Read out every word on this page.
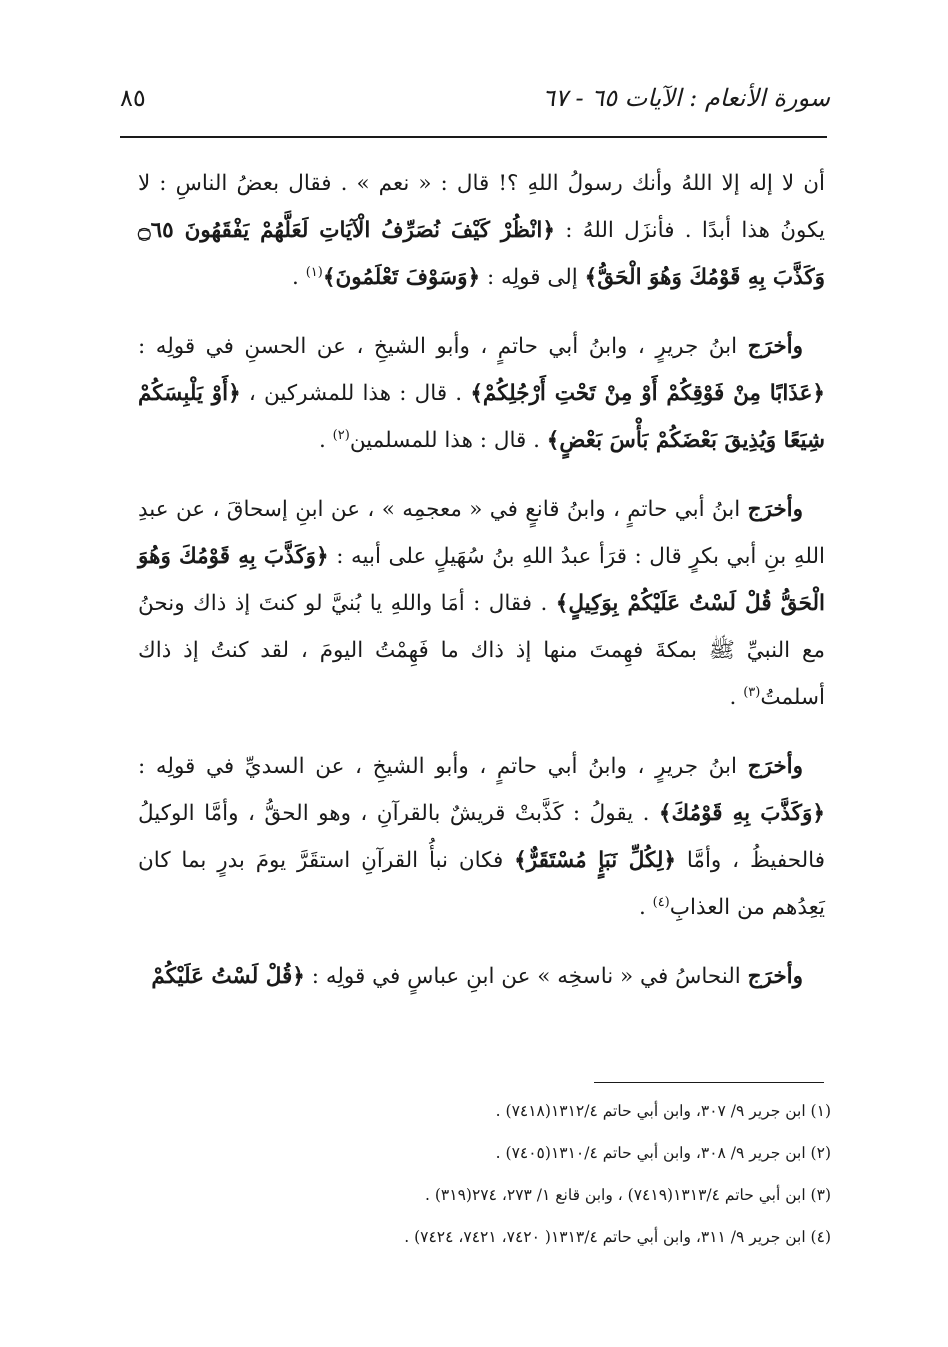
سورة الأنعام : الآيات ٦٥ - ٦٧
٨٥

أن لا إله إلا اللهُ وأنك رسولُ اللهِ ؟! قال : « نعم » . فقال بعضُ الناسِ : لا يكونُ هذا أبدًا . فأنزَل اللهُ : ﴿انْظُرْ كَيْفَ نُصَرِّفُ الْآيَاتِ لَعَلَّهُمْ يَفْقَهُونَ ۝٦٥ وَكَذَّبَ بِهِ قَوْمُكَ وَهُوَ الْحَقُّ﴾ إلى قولِه : ﴿وَسَوْفَ تَعْلَمُونَ﴾$^{(١)}$ .

وأخرَج ابنُ جريرٍ ، وابنُ أبي حاتمٍ ، وأبو الشيخِ ، عن الحسنِ في قولِه : ﴿عَذَابًا مِنْ فَوْقِكُمْ أَوْ مِنْ تَحْتِ أَرْجُلِكُمْ﴾ . قال : هذا للمشركين ، ﴿أَوْ يَلْبِسَكُمْ شِيَعًا وَيُذِيقَ بَعْضَكُمْ بَأْسَ بَعْضٍ﴾ . قال : هذا للمسلمين$^{(٢)}$ .

وأخرَج ابنُ أبي حاتمٍ ، وابنُ قانعٍ في « معجمِه » ، عن ابنِ إسحاقَ ، عن عبدِ اللهِ بنِ أبي بكرٍ قال : قرَأ عبدُ اللهِ بنُ سُهَيلٍ على أبيه : ﴿وَكَذَّبَ بِهِ قَوْمُكَ وَهُوَ الْحَقُّ قُلْ لَسْتُ عَلَيْكُمْ بِوَكِيلٍ﴾ . فقال : أمَا واللهِ يا بُنيَّ لو كنتَ إذ ذاك ونحنُ مع النبيِّ ﷺ بمكةَ فهِمتَ منها إذ ذاك ما فَهِمْتُ اليومَ ، لقد كنتُ إذ ذاك أسلمتُ$^{(٣)}$ .

وأخرَج ابنُ جريرٍ ، وابنُ أبي حاتمٍ ، وأبو الشيخِ ، عن السديِّ في قولِه : ﴿وَكَذَّبَ بِهِ قَوْمُكَ﴾ . يقولُ : كَذَّبتْ قريشٌ بالقرآنِ ، وهو الحقُّ ، وأمَّا الوكيلُ فالحفيظُ ، وأمَّا ﴿لِكُلِّ نَبَإٍ مُسْتَقَرٌّ﴾ فكان نبأُ القرآنِ استقَرَّ يومَ بدرٍ بما كان يَعِدُهم من العذابِ$^{(٤)}$ .

وأخرَج النحاسُ في « ناسخِه » عن ابنِ عباسٍ في قولِه : ﴿قُلْ لَسْتُ عَلَيْكُمْ

(١) ابن جرير ٩/ ٣٠٧، وابن أبي حاتم ١٣١٢/٤(٧٤١٨) .
(٢) ابن جرير ٩/ ٣٠٨، وابن أبي حاتم ١٣١٠/٤(٧٤٠٥) .
(٣) ابن أبي حاتم ١٣١٣/٤(٧٤١٩) ، وابن قانع ١/ ٢٧٣، ٢٧٤(٣١٩) .
(٤) ابن جرير ٩/ ٣١١، وابن أبي حاتم ١٣١٣/٤( ٧٤٢٠، ٧٤٢١، ٧٤٢٤) .
